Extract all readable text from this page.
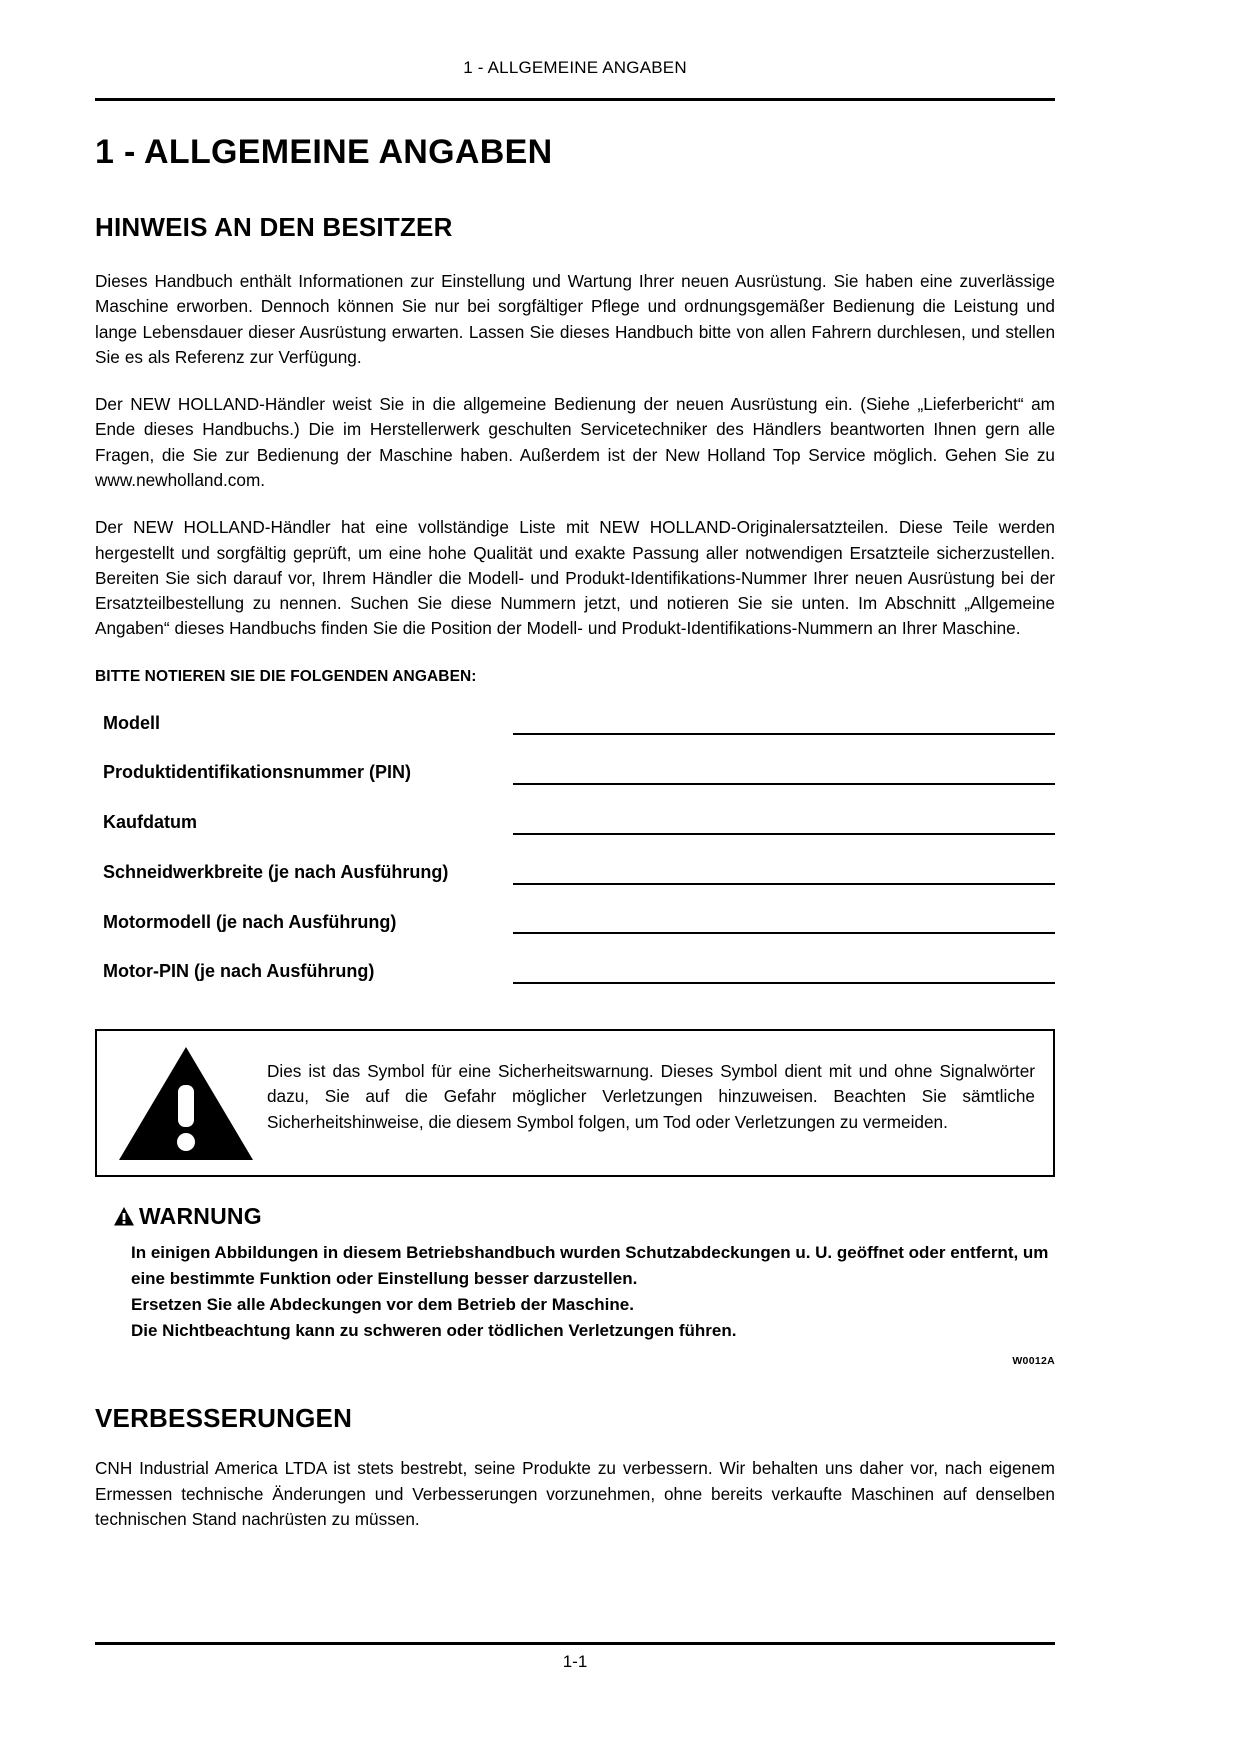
1 - ALLGEMEINE ANGABEN
1 - ALLGEMEINE ANGABEN
HINWEIS AN DEN BESITZER

Dieses Handbuch enthält Informationen zur Einstellung und Wartung Ihrer neuen Ausrüstung. Sie haben eine zuverlässige Maschine erworben. Dennoch können Sie nur bei sorgfältiger Pflege und ordnungsgemäßer Bedienung die Leistung und lange Lebensdauer dieser Ausrüstung erwarten. Lassen Sie dieses Handbuch bitte von allen Fahrern durchlesen, und stellen Sie es als Referenz zur Verfügung.

Der NEW HOLLAND-Händler weist Sie in die allgemeine Bedienung der neuen Ausrüstung ein. (Siehe „Lieferbericht“ am Ende dieses Handbuchs.) Die im Herstellerwerk geschulten Servicetechniker des Händlers beantworten Ihnen gern alle Fragen, die Sie zur Bedienung der Maschine haben. Außerdem ist der New Holland Top Service möglich. Gehen Sie zu www.newholland.com.

Der NEW HOLLAND-Händler hat eine vollständige Liste mit NEW HOLLAND-Originalersatzteilen. Diese Teile werden hergestellt und sorgfältig geprüft, um eine hohe Qualität und exakte Passung aller notwendigen Ersatzteile sicherzustellen. Bereiten Sie sich darauf vor, Ihrem Händler die Modell- und Produkt-Identifikations-Nummer Ihrer neuen Ausrüstung bei der Ersatzteilbestellung zu nennen. Suchen Sie diese Nummern jetzt, und notieren Sie sie unten. Im Abschnitt „Allgemeine Angaben“ dieses Handbuchs finden Sie die Position der Modell- und Produkt-Identifikations-Nummern an Ihrer Maschine.

BITTE NOTIEREN SIE DIE FOLGENDEN ANGABEN:
Modell	

Produktidentifikationsnummer (PIN)	

Kaufdatum	

Schneidwerkbreite (je nach Ausführung)	

Motormodell (je nach Ausführung)	

Motor-PIN (je nach Ausführung)	
Dies ist das Symbol für eine Sicherheitswarnung. Dieses Symbol dient mit und ohne Signalwörter dazu, Sie auf die Gefahr möglicher Verletzungen hinzuweisen. Beachten Sie sämtliche Sicherheitshinweise, die diesem Symbol folgen, um Tod oder Verletzungen zu vermeiden.
WARNUNG
In einigen Abbildungen in diesem Betriebshandbuch wurden Schutzabdeckungen u. U. geöffnet oder entfernt, um eine bestimmte Funktion oder Einstellung besser darzustellen.
Ersetzen Sie alle Abdeckungen vor dem Betrieb der Maschine.
Die Nichtbeachtung kann zu schweren oder tödlichen Verletzungen führen.
W0012A
VERBESSERUNGEN

CNH Industrial America LTDA ist stets bestrebt, seine Produkte zu verbessern. Wir behalten uns daher vor, nach eigenem Ermessen technische Änderungen und Verbesserungen vorzunehmen, ohne bereits verkaufte Maschinen auf denselben technischen Stand nachrüsten zu müssen.

1-1
